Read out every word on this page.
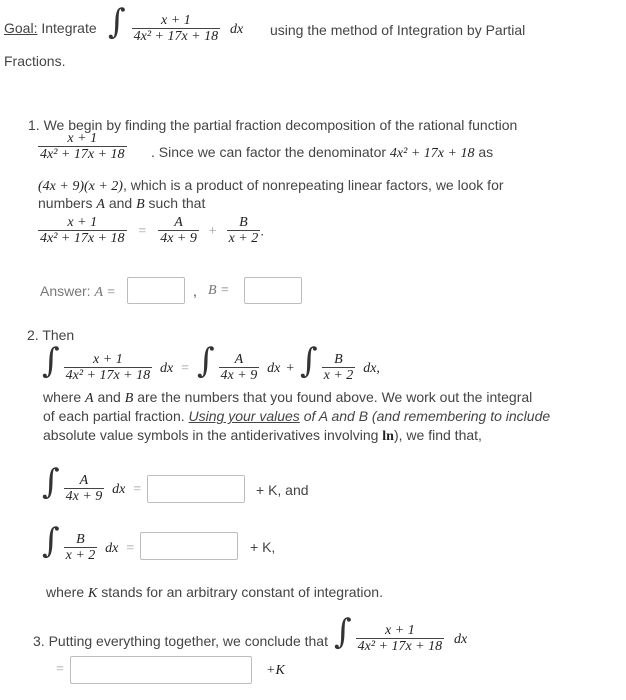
Goal: Integrate ∫ $\frac{x + 1}{\text{4x² + 17x + 18}}$ dx using the method of Integration by Partial
Fractions.
1. We begin by finding the partial fraction decomposition of the rational function
$\frac{x + 1}{\text{4x² + 17x + 18}}$ . Since we can factor the denominator 4x² + 17x + 18 as
(4x + 9)(x + 2), which is a product of nonrepeating linear factors, we look for
numbers A and B such that
$\frac{x + 1}{\text{4x² + 17x + 18}} = \frac{A}{4x + 9} + \frac{B}{x + 2}$ .
Answer: A =	, B =
2. Then
∫ $\frac{x + 1}{\text{4x² + 17x + 18}}$ dx = ∫ $\frac{A}{4x + 9}$ dx + ∫ $\frac{B}{x + 2}$ dx,
where A and B are the numbers that you found above. We work out the integral
of each partial fraction. Using your values of A and B (and remembering to include
absolute value symbols in the antiderivatives involving ln), we find that,
∫ $\frac{A}{4x + 9}$ dx =	+ K, and
∫ $\frac{B}{x + 2}$ dx =	+ K,
where K stands for an arbitrary constant of integration.
3. Putting everything together, we conclude that ∫ $\frac{x + 1}{\text{4x² + 17x + 18}}$ dx
=	+K
